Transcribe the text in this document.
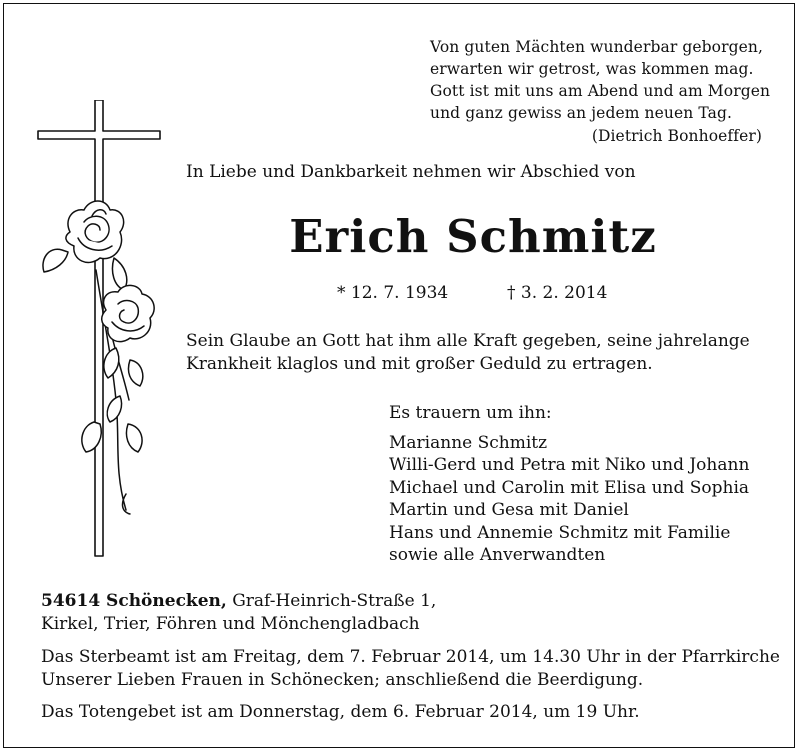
Von guten Mächten wunderbar geborgen,
erwarten wir getrost, was kommen mag.
Gott ist mit uns am Abend und am Morgen
und ganz gewiss an jedem neuen Tag.
(Dietrich Bonhoeffer)
In Liebe und Dankbarkeit nehmen wir Abschied von
Erich Schmitz
* 12. 7. 1934	† 3. 2. 2014
Sein Glaube an Gott hat ihm alle Kraft gegeben, seine jahrelange
Krankheit klaglos und mit großer Geduld zu ertragen.
Es trauern um ihn:
Marianne Schmitz
Willi-Gerd und Petra mit Niko und Johann
Michael und Carolin mit Elisa und Sophia
Martin und Gesa mit Daniel
Hans und Annemie Schmitz mit Familie
sowie alle Anverwandten
54614 Schönecken, Graf-Heinrich-Straße 1,
Kirkel, Trier, Föhren und Mönchengladbach
Das Sterbeamt ist am Freitag, dem 7. Februar 2014, um 14.30 Uhr in der Pfarrkirche
Unserer Lieben Frauen in Schönecken; anschließend die Beerdigung.
Das Totengebet ist am Donnerstag, dem 6. Februar 2014, um 19 Uhr.
